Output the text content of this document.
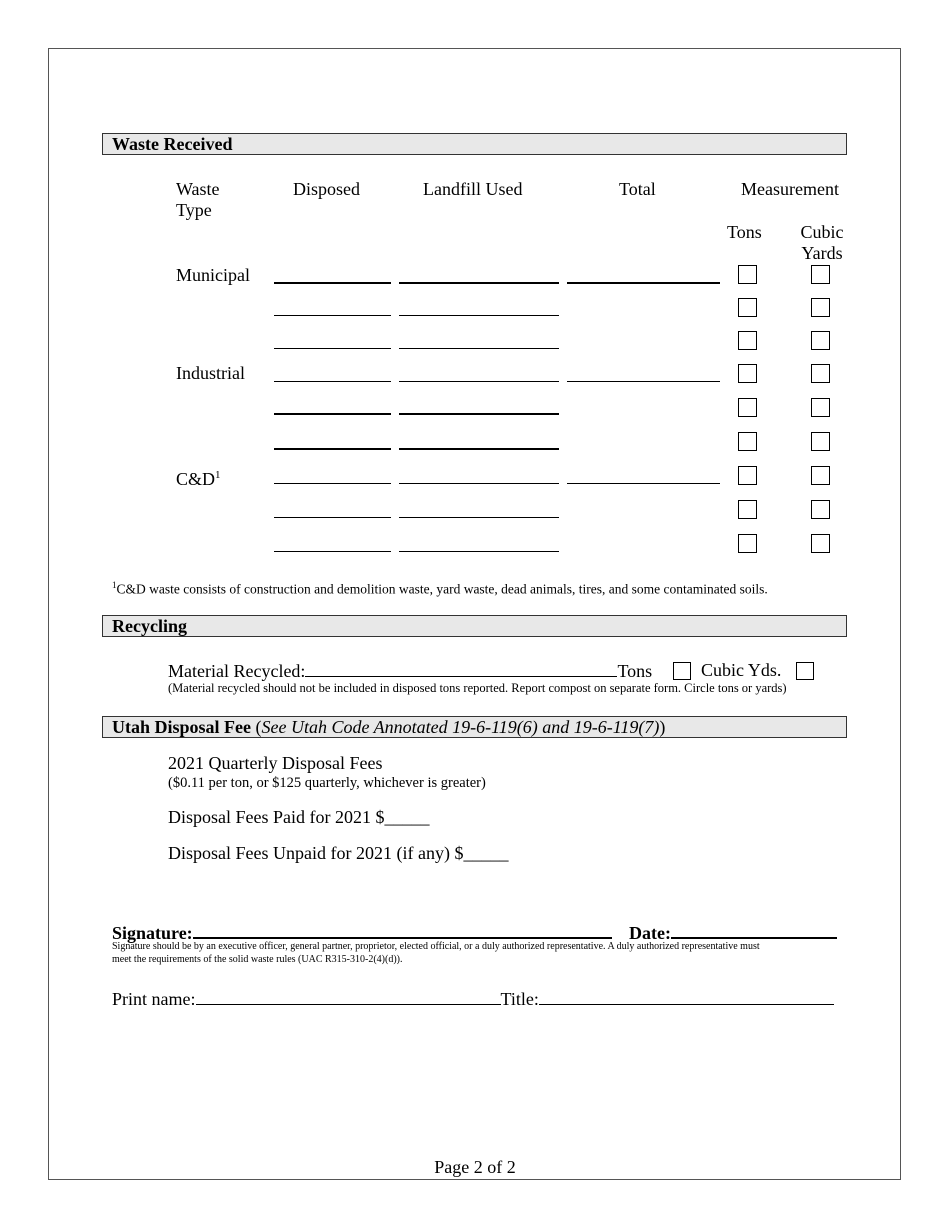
Waste Received
Waste Type
Disposed	Landfill Used	Total	Measurement
Tons Cubic Yards
Municipal
Industrial
$C\&D^1$
$^1$C&D waste consists of construction and demolition waste, yard waste, dead animals, tires, and some contaminated soils.
Recycling
Material Recycled:	Tons	Cubic Yds.
(Material recycled should not be included in disposed tons reported. Report compost on separate form. Circle tons or yards)
Utah Disposal Fee (See Utah Code Annotated 19-6-119(6) and 19-6-119(7))
2021 Quarterly Disposal Fees
($0.11 per ton, or $125 quarterly, whichever is greater)
Disposal Fees Paid for 2021 $_____
Disposal Fees Unpaid for 2021 (if any) $_____
Signature:	Date:
Signature should be by an executive officer, general partner, proprietor, elected official, or a duly authorized representative. A duly authorized representative must
meet the requirements of the solid waste rules (UAC R315-310-2(4)(d)).
Print name:	Title:
Page 2 of 2
